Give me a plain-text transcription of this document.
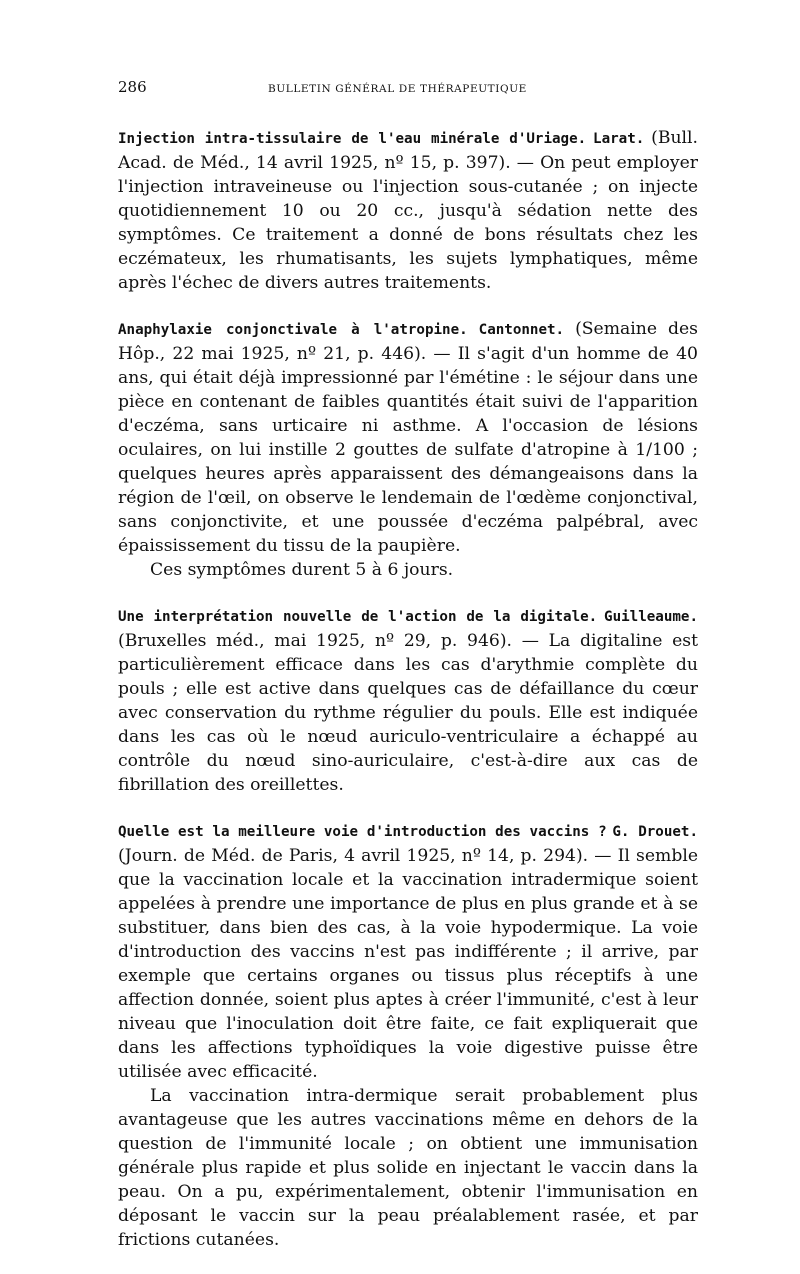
286	BULLETIN GÉNÉRAL DE THÉRAPEUTIQUE

Injection intra-tissulaire de l'eau minérale d'Uriage. Larat. (Bull. Acad. de Méd., 14 avril 1925, nº 15, p. 397). — On peut employer l'injection intraveineuse ou l'injection sous-cutanée ; on injecte quotidiennement 10 ou 20 cc., jusqu'à sédation nette des symptômes. Ce traitement a donné de bons résultats chez les eczémateux, les rhumatisants, les sujets lymphatiques, même après l'échec de divers autres traitements.

Anaphylaxie conjonctivale à l'atropine. Cantonnet. (Semaine des Hôp., 22 mai 1925, nº 21, p. 446). — Il s'agit d'un homme de 40 ans, qui était déjà impressionné par l'émétine : le séjour dans une pièce en contenant de faibles quantités était suivi de l'apparition d'eczéma, sans urticaire ni asthme. A l'occasion de lésions oculaires, on lui instille 2 gouttes de sulfate d'atropine à 1/100 ; quelques heures après apparaissent des démangeaisons dans la région de l'œil, on observe le lendemain de l'œdème conjonctival, sans conjonctivite, et une poussée d'eczéma palpébral, avec épaississement du tissu de la paupière.

Ces symptômes durent 5 à 6 jours.

Une interprétation nouvelle de l'action de la digitale. Guilleaume. (Bruxelles méd., mai 1925, nº 29, p. 946). — La digitaline est particulièrement efficace dans les cas d'arythmie complète du pouls ; elle est active dans quelques cas de défaillance du cœur avec conservation du rythme régulier du pouls. Elle est indiquée dans les cas où le nœud auriculo-ventriculaire a échappé au contrôle du nœud sino-auriculaire, c'est-à-dire aux cas de fibrillation des oreillettes.

Quelle est la meilleure voie d'introduction des vaccins ? G. Drouet. (Journ. de Méd. de Paris, 4 avril 1925, nº 14, p. 294). — Il semble que la vaccination locale et la vaccination intradermique soient appelées à prendre une importance de plus en plus grande et à se substituer, dans bien des cas, à la voie hypodermique. La voie d'introduction des vaccins n'est pas indifférente ; il arrive, par exemple que certains organes ou tissus plus réceptifs à une affection donnée, soient plus aptes à créer l'immunité, c'est à leur niveau que l'inoculation doit être faite, ce fait expliquerait que dans les affections typhoïdiques la voie digestive puisse être utilisée avec efficacité.

La vaccination intra-dermique serait probablement plus avantageuse que les autres vaccinations même en dehors de la question de l'immunité locale ; on obtient une immunisation générale plus rapide et plus solide en injectant le vaccin dans la peau. On a pu, expérimentalement, obtenir l'immunisation en déposant le vaccin sur la peau préalablement rasée, et par frictions cutanées.
